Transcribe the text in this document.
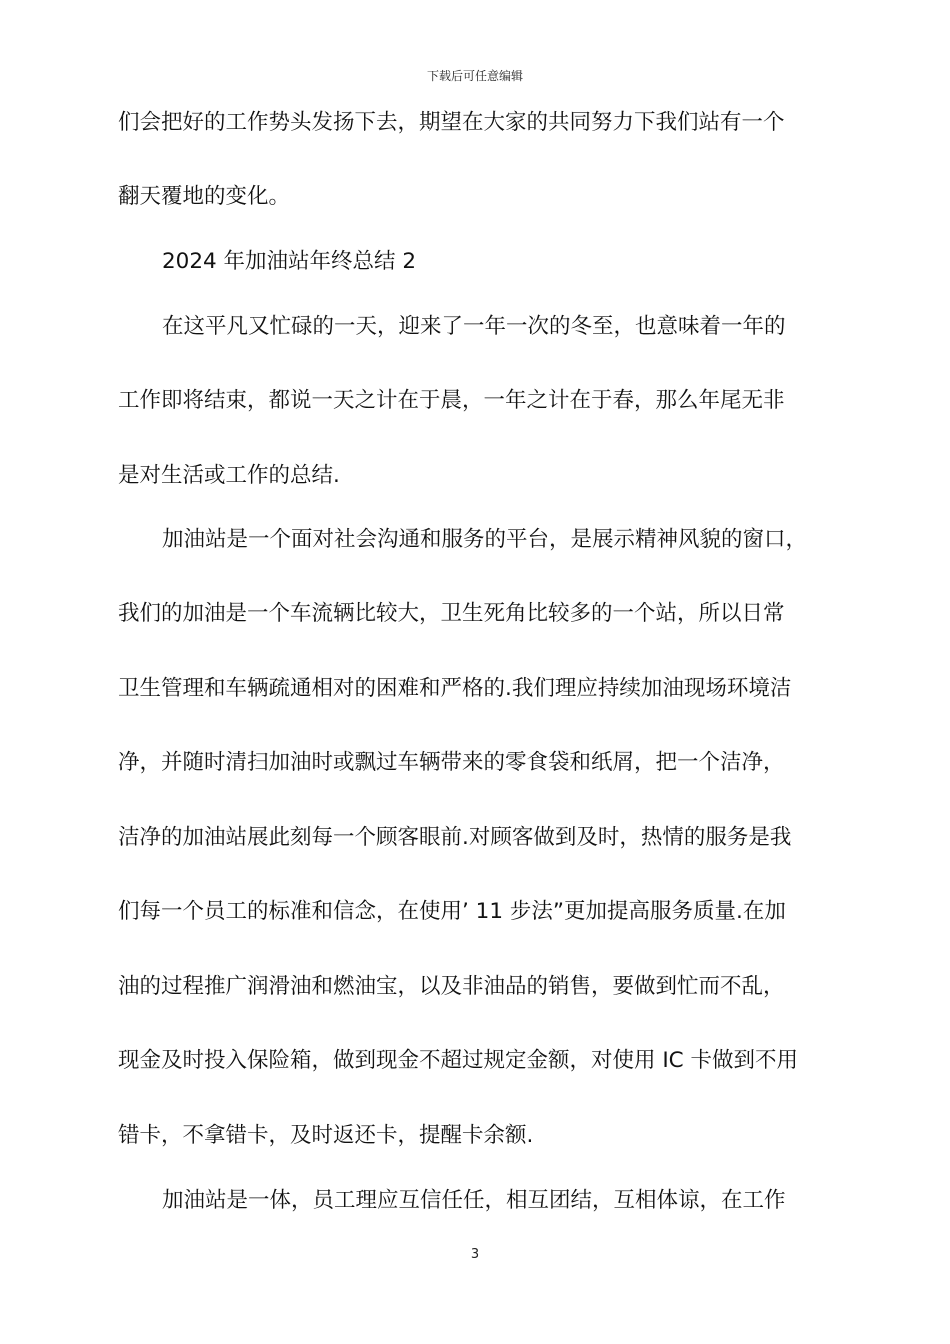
下载后可任意编辑
们会把好的工作势头发扬下去，期望在大家的共同努力下我们站有一个
翻天覆地的变化。
2024 年加油站年终总结 2
在这平凡又忙碌的一天，迎来了一年一次的冬至，也意味着一年的
工作即将结束，都说一天之计在于晨，一年之计在于春，那么年尾无非
是对生活或工作的总结.
加油站是一个面对社会沟通和服务的平台，是展示精神风貌的窗口，
我们的加油是一个车流辆比较大，卫生死角比较多的一个站，所以日常
卫生管理和车辆疏通相对的困难和严格的.我们理应持续加油现场环境洁
净，并随时清扫加油时或飘过车辆带来的零食袋和纸屑，把一个洁净，
洁净的加油站展此刻每一个顾客眼前.对顾客做到及时，热情的服务是我
们每一个员工的标准和信念，在使用’ 11 步法”更加提高服务质量.在加
油的过程推广润滑油和燃油宝，以及非油品的销售，要做到忙而不乱，
现金及时投入保险箱，做到现金不超过规定金额，对使用 IC 卡做到不用
错卡，不拿错卡，及时返还卡，提醒卡余额.
加油站是一体，员工理应互信任任，相互团结，互相体谅，在工作
3
